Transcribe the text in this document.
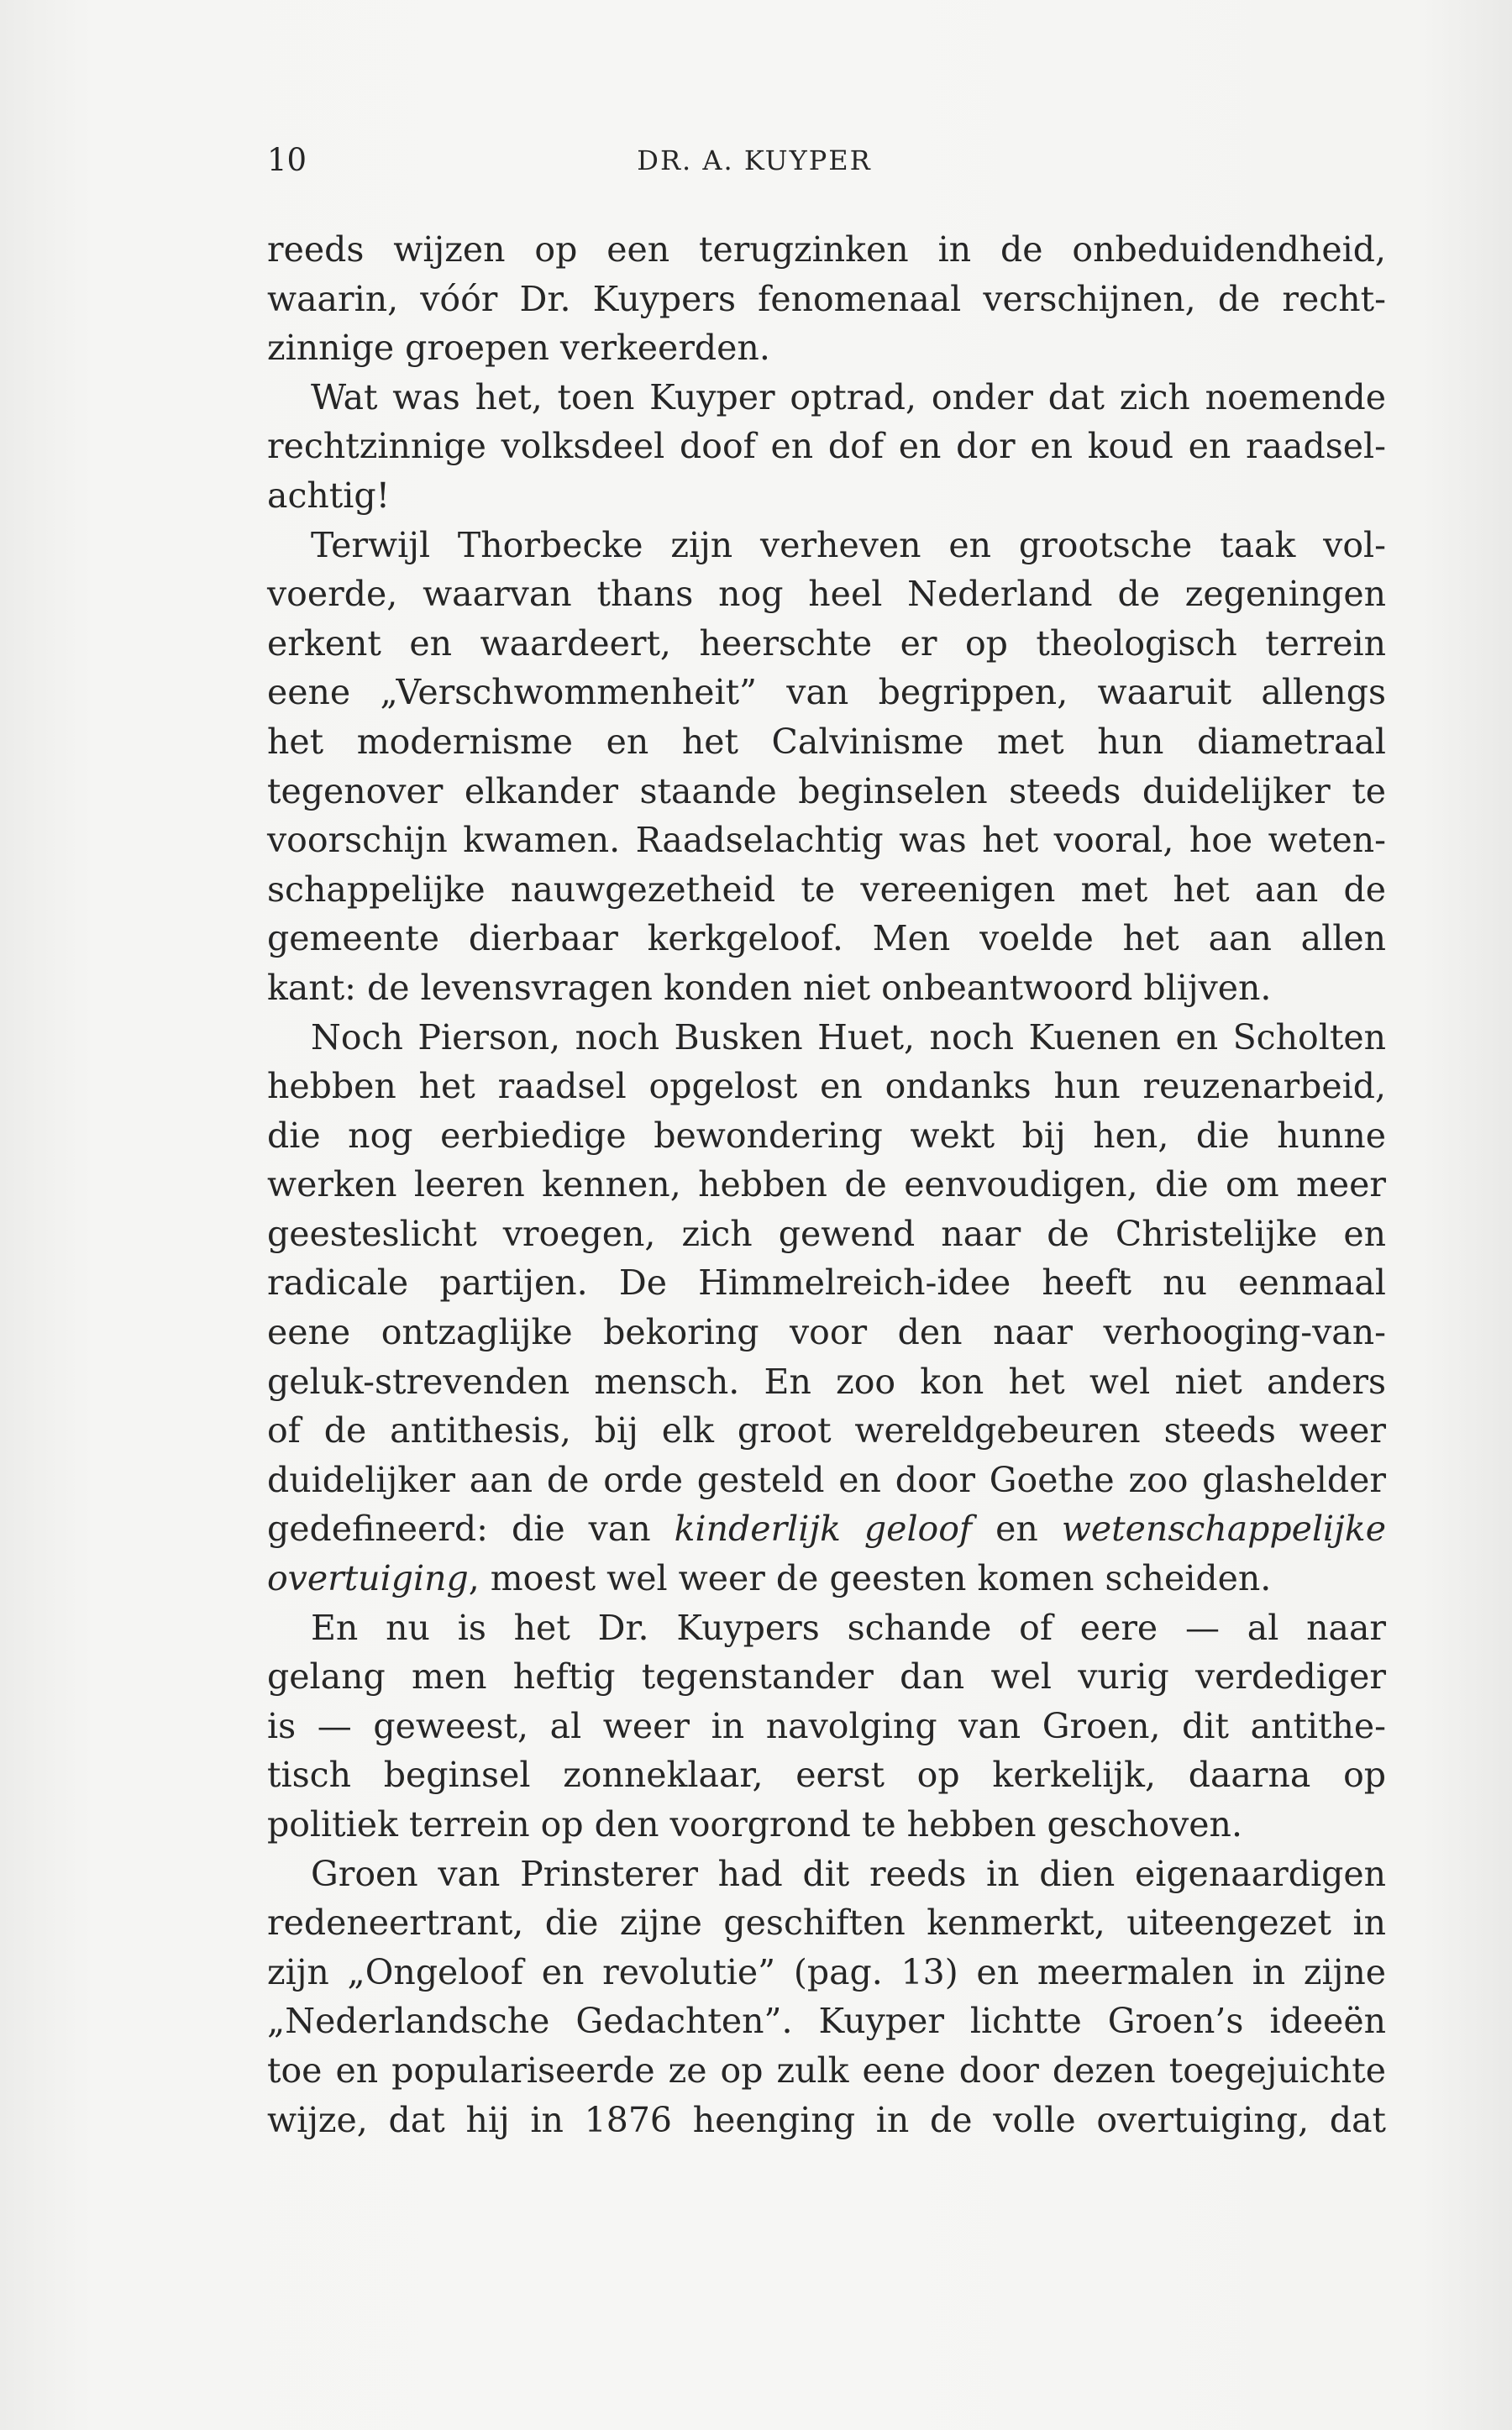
10	DR. A. KUYPER
reeds wijzen op een terugzinken in de onbeduidendheid,
waarin, vóór Dr. Kuypers fenomenaal verschijnen, de recht-
zinnige groepen verkeerden.
Wat was het, toen Kuyper optrad, onder dat zich noemende
rechtzinnige volksdeel doof en dof en dor en koud en raadsel-
achtig!
Terwijl Thorbecke zijn verheven en grootsche taak vol-
voerde, waarvan thans nog heel Nederland de zegeningen
erkent en waardeert, heerschte er op theologisch terrein
eene „Verschwommenheit” van begrippen, waaruit allengs
het modernisme en het Calvinisme met hun diametraal
tegenover elkander staande beginselen steeds duidelijker te
voorschijn kwamen. Raadselachtig was het vooral, hoe weten-
schappelijke nauwgezetheid te vereenigen met het aan de
gemeente dierbaar kerkgeloof. Men voelde het aan allen
kant: de levensvragen konden niet onbeantwoord blijven.
Noch Pierson, noch Busken Huet, noch Kuenen en Scholten
hebben het raadsel opgelost en ondanks hun reuzenarbeid,
die nog eerbiedige bewondering wekt bij hen, die hunne
werken leeren kennen, hebben de eenvoudigen, die om meer
geesteslicht vroegen, zich gewend naar de Christelijke en
radicale partijen. De Himmelreich-idee heeft nu eenmaal
eene ontzaglijke bekoring voor den naar verhooging-van-
geluk-strevenden mensch. En zoo kon het wel niet anders
of de antithesis, bij elk groot wereldgebeuren steeds weer
duidelijker aan de orde gesteld en door Goethe zoo glashelder
gedefineerd: die van kinderlijk geloof en wetenschappelijke
overtuiging, moest wel weer de geesten komen scheiden.
En nu is het Dr. Kuypers schande of eere — al naar
gelang men heftig tegenstander dan wel vurig verdediger
is — geweest, al weer in navolging van Groen, dit antithe-
tisch beginsel zonneklaar, eerst op kerkelijk, daarna op
politiek terrein op den voorgrond te hebben geschoven.
Groen van Prinsterer had dit reeds in dien eigenaardigen
redeneertrant, die zijne geschiften kenmerkt, uiteengezet in
zijn „Ongeloof en revolutie” (pag. 13) en meermalen in zijne
„Nederlandsche Gedachten”. Kuyper lichtte Groen’s ideeën
toe en populariseerde ze op zulk eene door dezen toegejuichte
wijze, dat hij in 1876 heenging in de volle overtuiging, dat
